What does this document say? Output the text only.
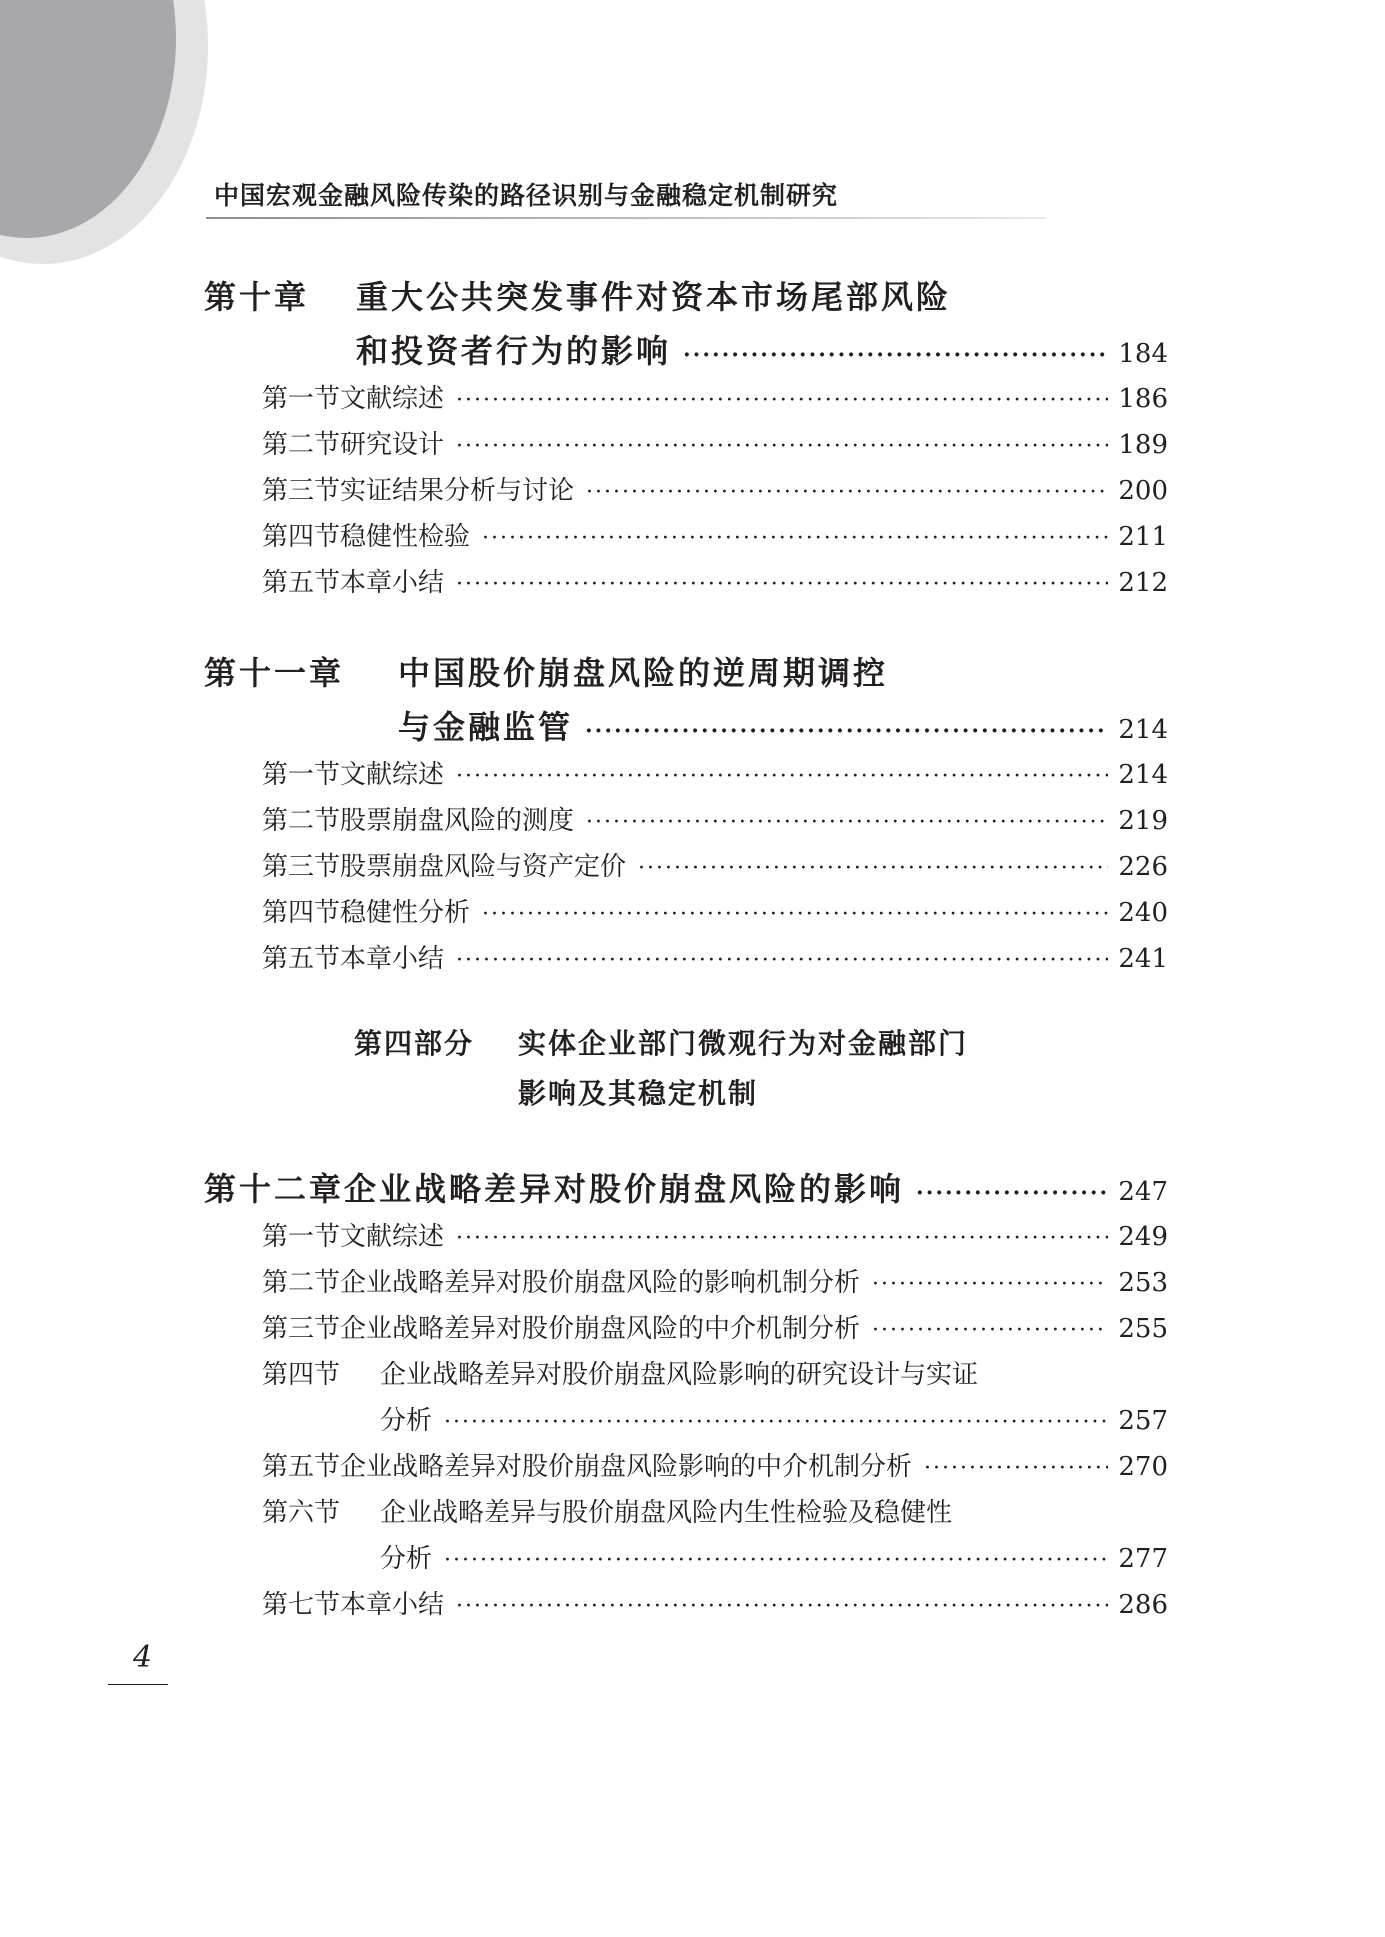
中国宏观金融风险传染的路径识别与金融稳定机制研究
第十章	重大公共突发事件对资本市场尾部风险
和投资者行为的影响 ·····	184
第一节 文献综述 ·····	186
第二节 研究设计 ·····	189
第三节 实证结果分析与讨论 ·····	200
第四节 稳健性检验 ·····	211
第五节 本章小结 ·····	212
第十一章	中国股价崩盘风险的逆周期调控
与金融监管 ·····	214
第一节 文献综述 ·····	214
第二节 股票崩盘风险的测度 ·····	219
第三节 股票崩盘风险与资产定价 ·····	226
第四节 稳健性分析 ·····	240
第五节 本章小结 ·····	241
第四部分 实体企业部门微观行为对金融部门
影响及其稳定机制
第十二章 企业战略差异对股价崩盘风险的影响 ·····	247
第一节 文献综述 ·····	249
第二节 企业战略差异对股价崩盘风险的影响机制分析 ·····	253
第三节 企业战略差异对股价崩盘风险的中介机制分析 ·····	255
第四节	企业战略差异对股价崩盘风险影响的研究设计与实证
分析 ·····	257
第五节 企业战略差异对股价崩盘风险影响的中介机制分析 ·····	270
第六节	企业战略差异与股价崩盘风险内生性检验及稳健性
分析 ·····	277
第七节 本章小结 ·····	286
4
